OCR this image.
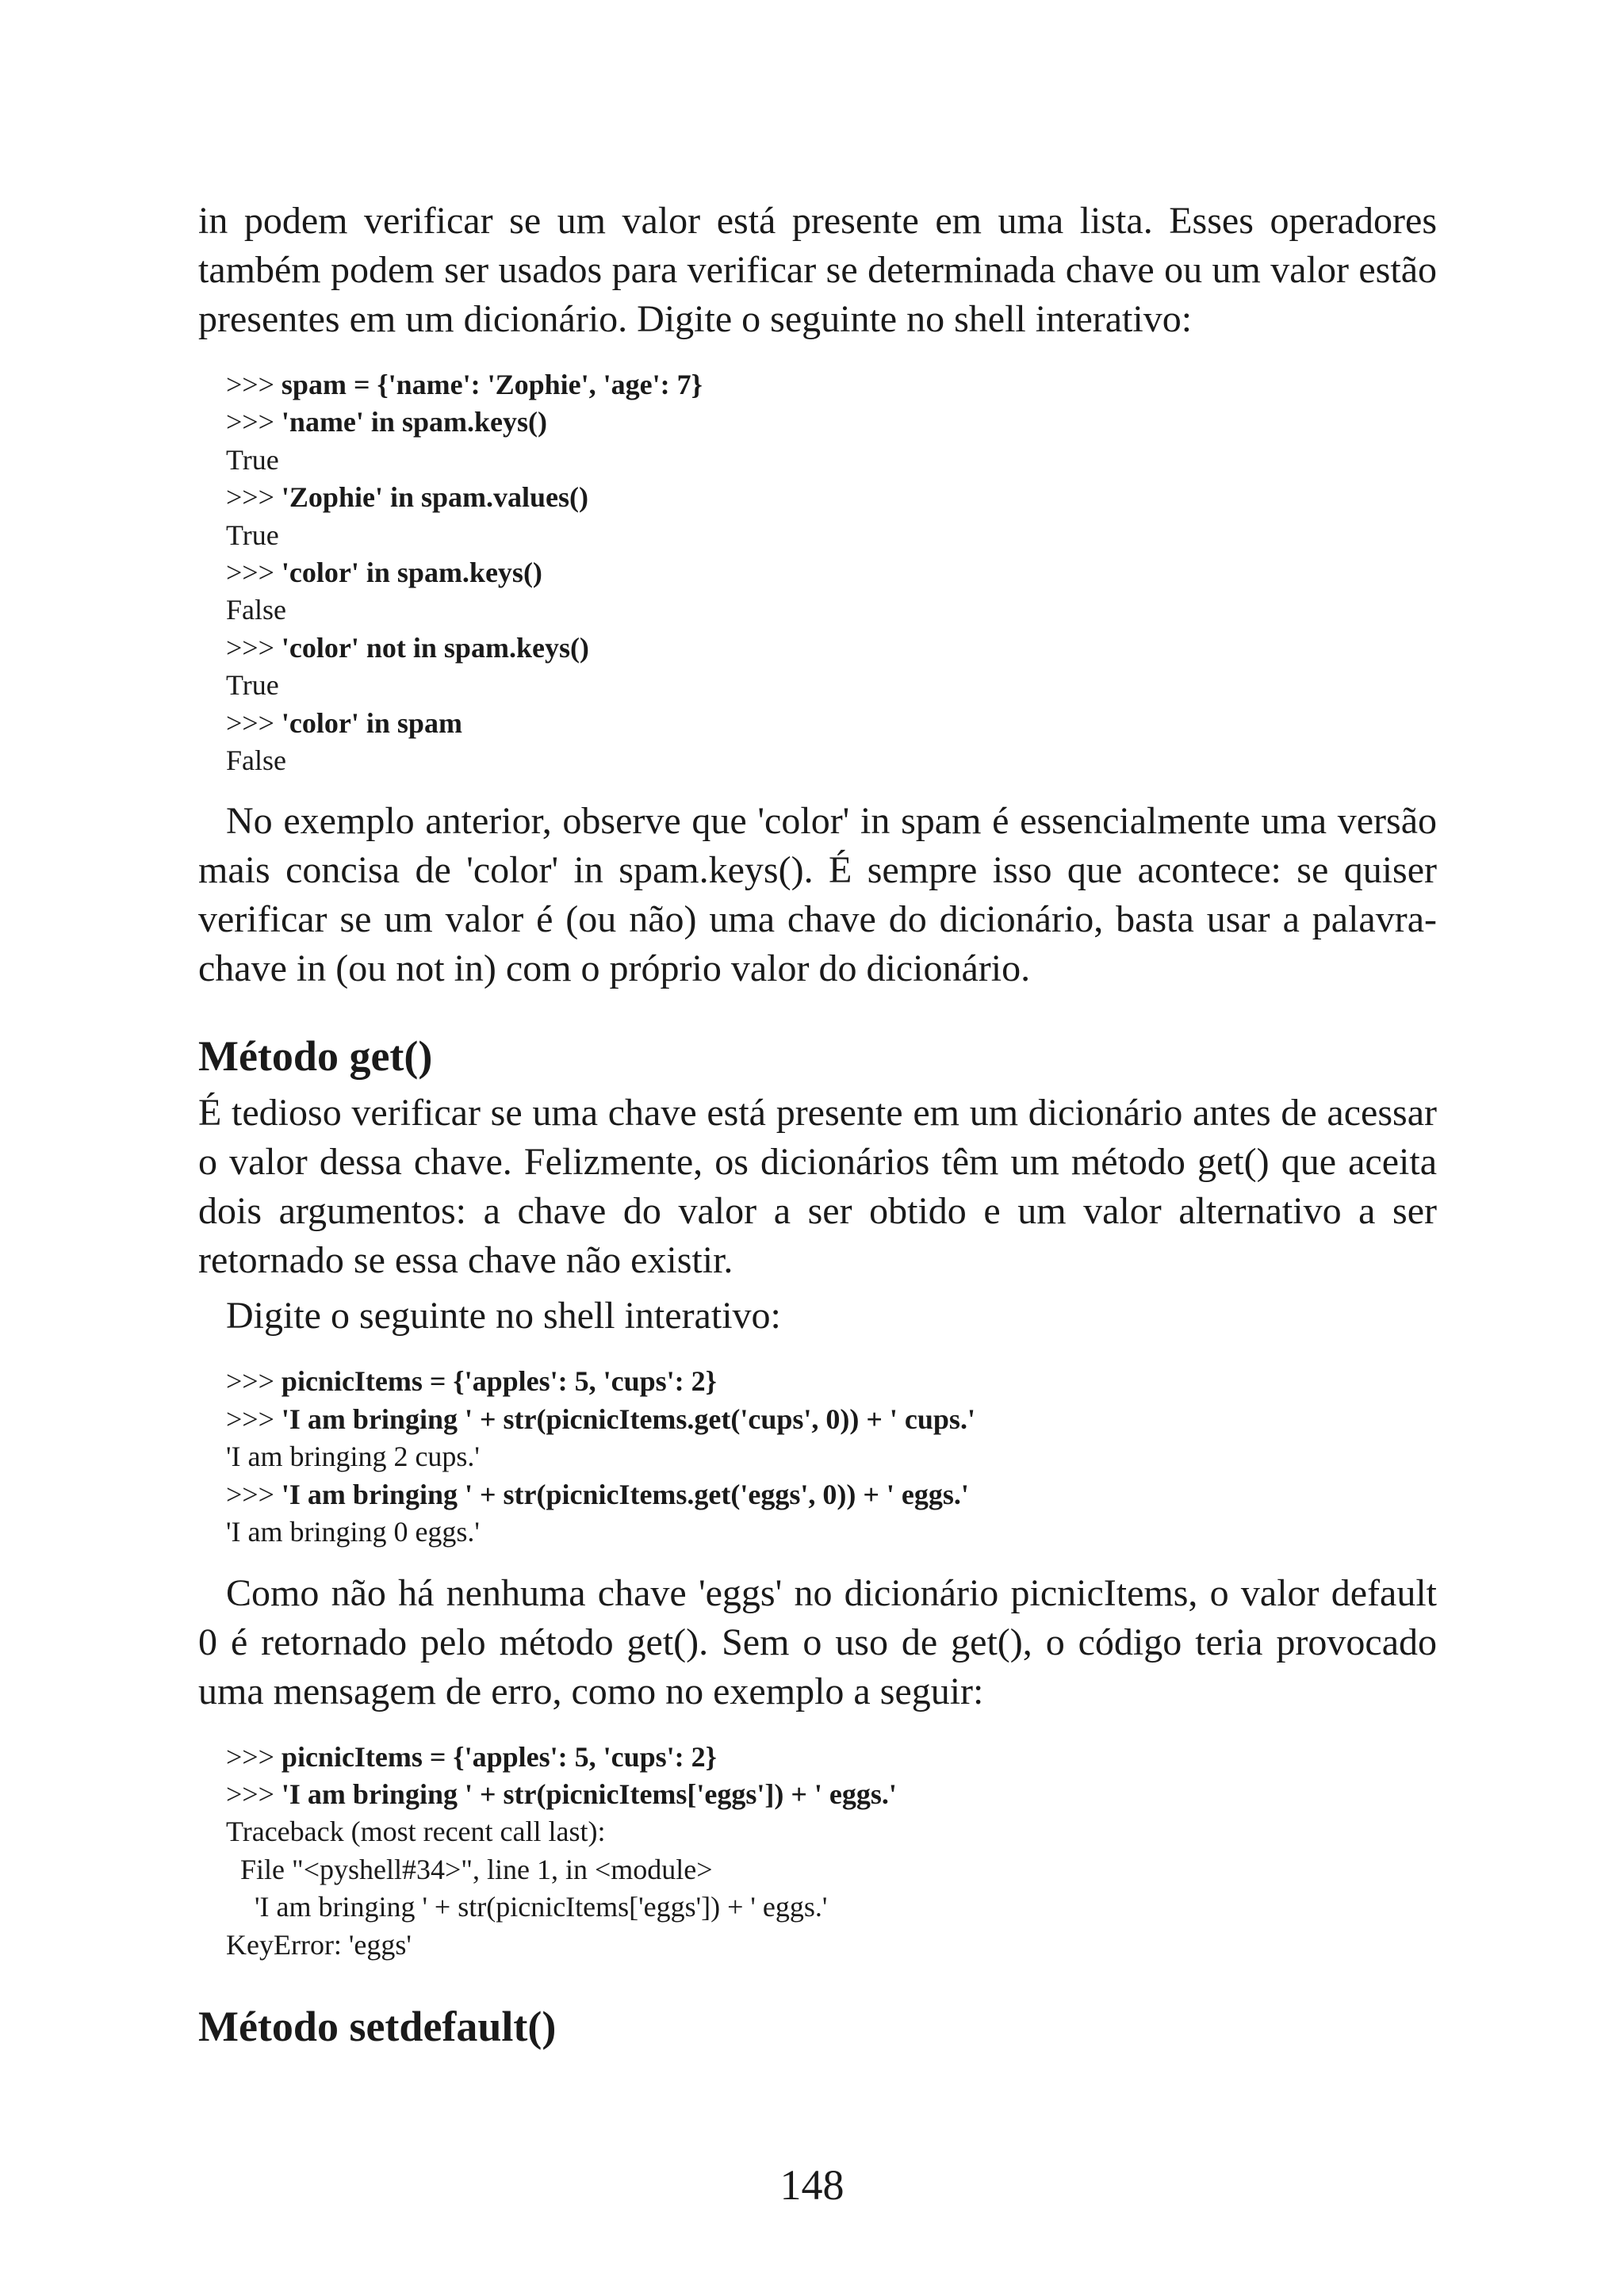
in podem verificar se um valor está presente em uma lista. Esses operadores também podem ser usados para verificar se determinada chave ou um valor estão presentes em um dicionário. Digite o seguinte no shell interativo:

>>> spam = {'name': 'Zophie', 'age': 7}
>>> 'name' in spam.keys()
True
>>> 'Zophie' in spam.values()
True
>>> 'color' in spam.keys()
False
>>> 'color' not in spam.keys()
True
>>> 'color' in spam
False

No exemplo anterior, observe que 'color' in spam é essencialmente uma versão mais concisa de 'color' in spam.keys(). É sempre isso que acontece: se quiser verificar se um valor é (ou não) uma chave do dicionário, basta usar a palavra-chave in (ou not in) com o próprio valor do dicionário.

Método get()

É tedioso verificar se uma chave está presente em um dicionário antes de acessar o valor dessa chave. Felizmente, os dicionários têm um método get() que aceita dois argumentos: a chave do valor a ser obtido e um valor alternativo a ser retornado se essa chave não existir.

Digite o seguinte no shell interativo:

>>> picnicItems = {'apples': 5, 'cups': 2}
>>> 'I am bringing ' + str(picnicItems.get('cups', 0)) + ' cups.'
'I am bringing 2 cups.'
>>> 'I am bringing ' + str(picnicItems.get('eggs', 0)) + ' eggs.'
'I am bringing 0 eggs.'

Como não há nenhuma chave 'eggs' no dicionário picnicItems, o valor default 0 é retornado pelo método get(). Sem o uso de get(), o código teria provocado uma mensagem de erro, como no exemplo a seguir:

>>> picnicItems = {'apples': 5, 'cups': 2}
>>> 'I am bringing ' + str(picnicItems['eggs']) + ' eggs.'
Traceback (most recent call last):
File "<pyshell#34>", line 1, in <module>
'I am bringing ' + str(picnicItems['eggs']) + ' eggs.'
KeyError: 'eggs'
Método setdefault()
148
